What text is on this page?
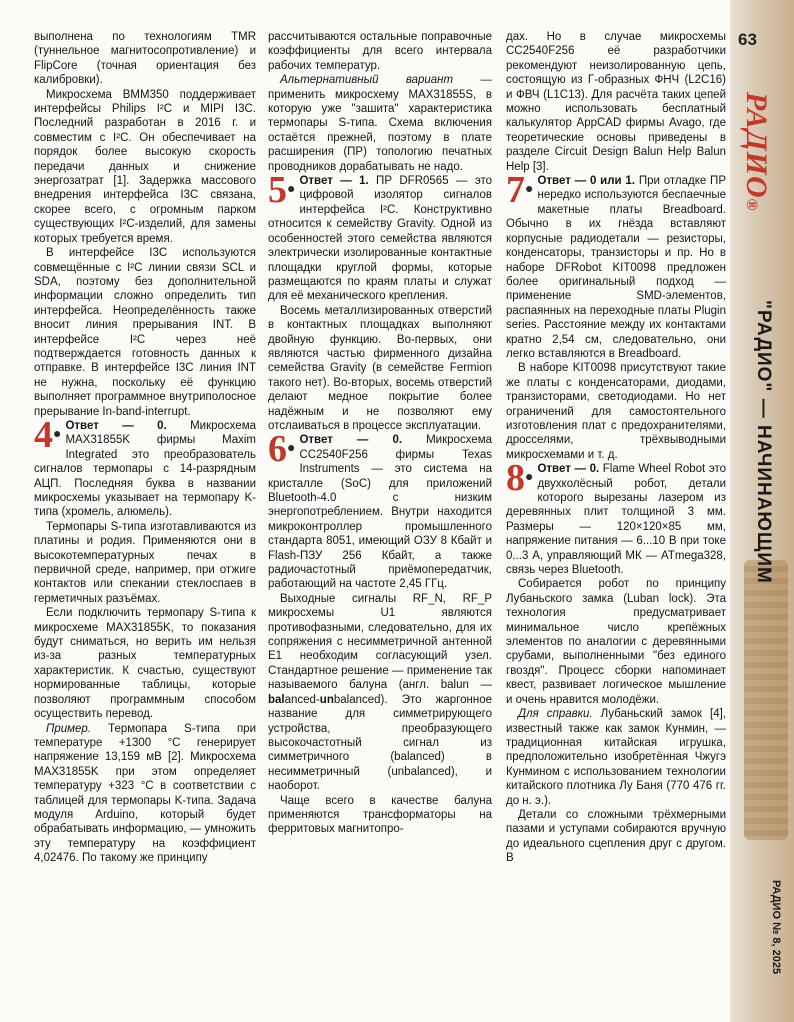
63
РАДИО®
"РАДИО" — НАЧИНАЮЩИМ
РАДИО № 8, 2025

выполнена по технологиям TMR (туннельное магнитосопротивление) и FlipCore (точная ориентация без калибровки).

Микросхема BMM350 поддерживает интерфейсы Philips I²C и MIPI I3C. Последний разработан в 2016 г. и совместим с I²C. Он обеспечивает на порядок более высокую скорость передачи данных и снижение энергозатрат [1]. Задержка массового внедрения интерфейса I3C связана, скорее всего, с огромным парком существующих I²C-изделий, для замены которых требуется время.

В интерфейсе I3C используются совмещённые с I²C линии связи SCL и SDA, поэтому без дополнительной информации сложно определить тип интерфейса. Неопределённость также вносит линия прерывания INT. В интерфейсе I²C через неё подтверждается готовность данных к отправке. В интерфейсе I3C линия INT не нужна, поскольку её функцию выполняет программное внутриполосное прерывание In-band-interrupt.

4●
Ответ — 0. Микросхема MAX31855K фирмы Maxim Integrated это преобразователь сигналов термопары с 14-разрядным АЦП. Последняя буква в названии микросхемы указывает на термопару K-типа (хромель, алюмель).

Термопары S-типа изготавливаются из платины и родия. Применяются они в высокотемпературных печах в первичной среде, например, при отжиге контактов или спекании стеклоспаев в герметичных разъёмах.

Если подключить термопару S-типа к микросхеме MAX31855K, то показания будут сниматься, но верить им нельзя из-за разных температурных характеристик. К счастью, существуют нормированные таблицы, которые позволяют программным способом осуществить перевод.

Пример. Термопара S-типа при температуре +1300 °C генерирует напряжение 13,159 мВ [2]. Микросхема MAX31855K при этом определяет температуру +323 °C в соответствии с таблицей для термопары K-типа. Задача модуля Arduino, который будет обрабатывать информацию, — умножить эту температуру на коэффициент 4,02476. По такому же принципу

рассчитываются остальные поправочные коэффициенты для всего интервала рабочих температур.

Альтернативный вариант — применить микросхему MAX31855S, в которую уже "зашита" характеристика термопары S-типа. Схема включения остаётся прежней, поэтому в плате расширения (ПР) топологию печатных проводников дорабатывать не надо.

5●
Ответ — 1. ПР DFR0565 — это цифровой изолятор сигналов интерфейса I²C. Конструктивно относится к семейству Gravity. Одной из особенностей этого семейства являются электрически изолированные контактные площадки круглой формы, которые размещаются по краям платы и служат для её механического крепления.

Восемь металлизированных отверстий в контактных площадках выполняют двойную функцию. Во-первых, они являются частью фирменного дизайна семейства Gravity (в семействе Fermion такого нет). Во-вторых, восемь отверстий делают медное покрытие более надёжным и не позволяют ему отслаиваться в процессе эксплуатации.

6●
Ответ — 0. Микросхема CC2540F256 фирмы Texas Instruments — это система на кристалле (SoC) для приложений Bluetooth-4.0 с низким энергопотреблением. Внутри находится микроконтроллер промышленного стандарта 8051, имеющий ОЗУ 8 Кбайт и Flash-ПЗУ 256 Кбайт, а также радиочастотный приёмопередатчик, работающий на частоте 2,45 ГГц.

Выходные сигналы RF_N, RF_P микросхемы U1 являются противофазными, следовательно, для их сопряжения с несимметричной антенной E1 необходим согласующий узел. Стандартное решение — применение так называемого балуна (англ. balun — balanced-unbalanced). Это жаргонное название для симметрирующего устройства, преобразующего высокочастотный сигнал из симметричного (balanced) в несимметричный (unbalanced), и наоборот.

Чаще всего в качестве балуна применяются трансформаторы на ферритовых магнитопро-

дах. Но в случае микросхемы CC2540F256 её разработчики рекомендуют неизолированную цепь, состоящую из Г-образных ФНЧ (L2C16) и ФВЧ (L1C13). Для расчёта таких цепей можно использовать бесплатный калькулятор AppCAD фирмы Avago, где теоретические основы приведены в разделе Circuit Design Balun Help Balun Help [3].

7●
Ответ — 0 или 1. При отладке ПР нередко используются беспаечные макетные платы Breadboard. Обычно в их гнёзда вставляют корпусные радиодетали — резисторы, конденсаторы, транзисторы и пр. Но в наборе DFRobot KIT0098 предложен более оригинальный подход — применение SMD-элементов, распаянных на переходные платы Plugin series. Расстояние между их контактами кратно 2,54 см, следовательно, они легко вставляются в Breadboard.

В наборе KIT0098 присутствуют такие же платы с конденсаторами, диодами, транзисторами, светодиодами. Но нет ограничений для самостоятельного изготовления плат с предохранителями, дросселями, трёхвыводными микросхемами и т. д.

8●
Ответ — 0. Flame Wheel Robot это двухколёсный робот, детали которого вырезаны лазером из деревянных плит толщиной 3 мм. Размеры — 120×120×85 мм, напряжение питания — 6...10 В при токе 0...3 А, управляющий МК — ATmega328, связь через Bluetooth.

Собирается робот по принципу Лубаньского замка (Luban lock). Эта технология предусматривает минимальное число крепёжных элементов по аналогии с деревянными срубами, выполненными "без единого гвоздя". Процесс сборки напоминает квест, развивает логическое мышление и очень нравится молодёжи.

Для справки. Лубаньский замок [4], известный также как замок Кунмин, — традиционная китайская игрушка, предположительно изобретённая Чжугэ Кунмином с использованием технологии китайского плотника Лу Баня (770 476 гг. до н. э.).

Детали со сложными трёхмерными пазами и уступами собираются вручную до идеального сцепления друг с другом. В
